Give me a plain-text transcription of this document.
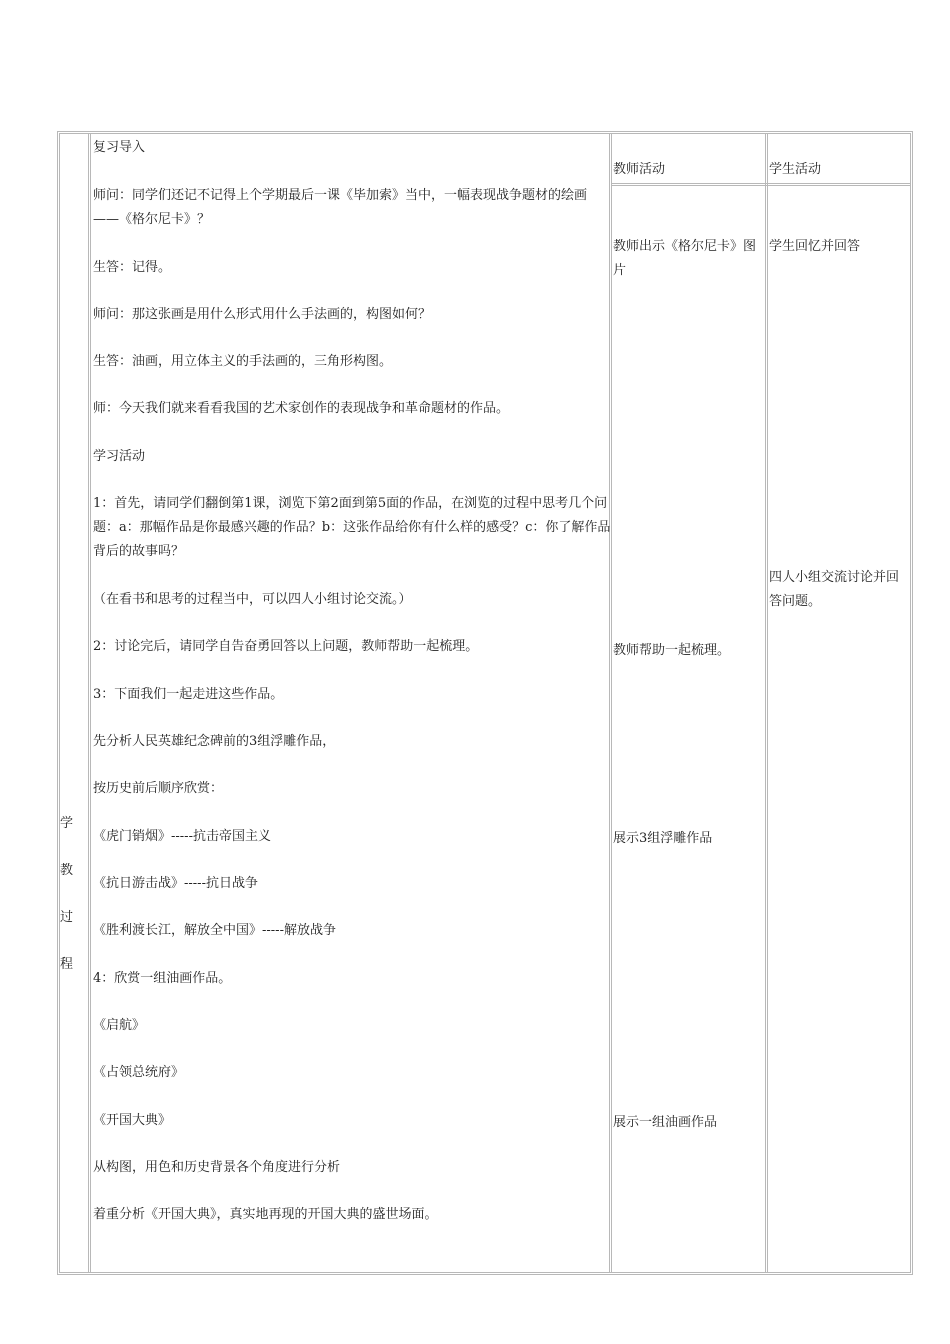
学
教
过
程

复习导入

师问：同学们还记不记得上个学期最后一课《毕加索》当中，一幅表现战争题材的绘画——《格尔尼卡》？

生答：记得。

师问：那这张画是用什么形式用什么手法画的，构图如何？

生答：油画，用立体主义的手法画的，三角形构图。

师：今天我们就来看看我国的艺术家创作的表现战争和革命题材的作品。

学习活动

1：首先，请同学们翻倒第1课，浏览下第2面到第5面的作品，在浏览的过程中思考几个问题：a：那幅作品是你最感兴趣的作品？b：这张作品给你有什么样的感受？c：你了解作品背后的故事吗？

（在看书和思考的过程当中，可以四人小组讨论交流。）

2：讨论完后，请同学自告奋勇回答以上问题，教师帮助一起梳理。

3：下面我们一起走进这些作品。

先分析人民英雄纪念碑前的3组浮雕作品，

按历史前后顺序欣赏：

《虎门销烟》-----抗击帝国主义

《抗日游击战》-----抗日战争

《胜利渡长江，解放全中国》-----解放战争

4：欣赏一组油画作品。

《启航》

《占领总统府》

《开国大典》

从构图，用色和历史背景各个角度进行分析

着重分析《开国大典》，真实地再现的开国大典的盛世场面。

教师活动

教师出示《格尔尼卡》图片

教师帮助一起梳理。

展示3组浮雕作品

展示一组油画作品

学生活动

学生回忆并回答

四人小组交流讨论并回答问题。
